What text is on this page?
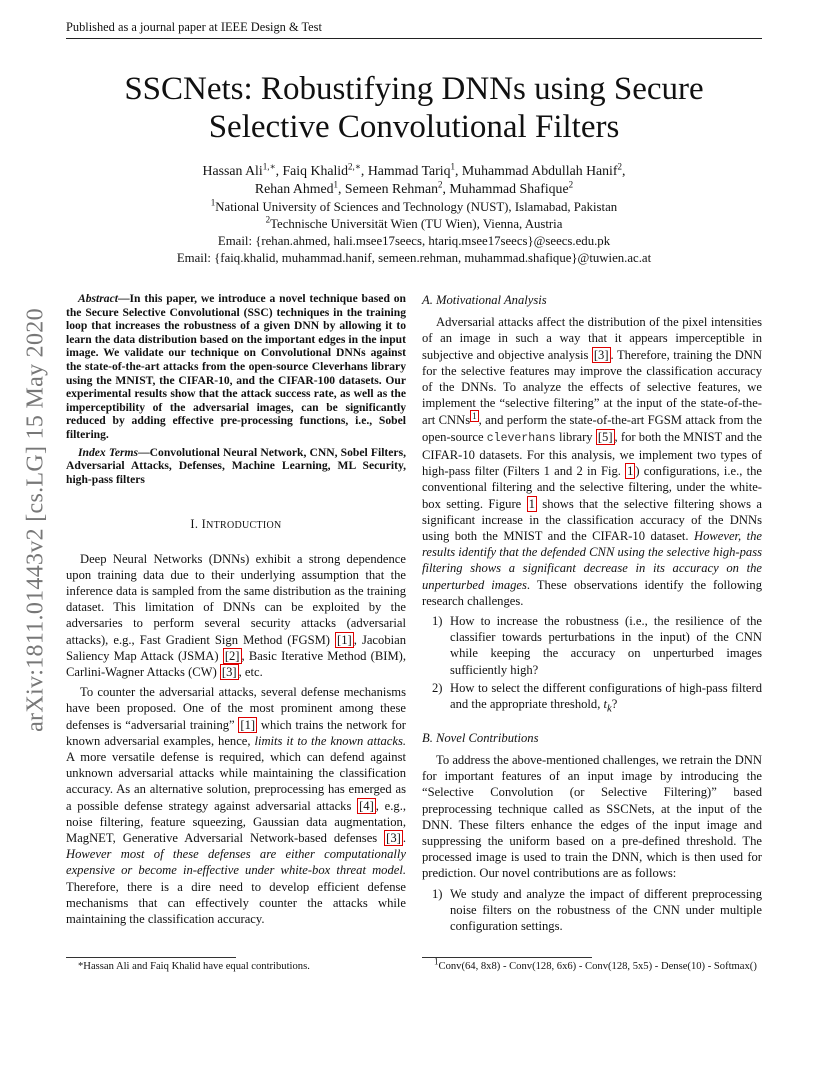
Published as a journal paper at IEEE Design & Test
SSCNets: Robustifying DNNs using Secure
Selective Convolutional Filters
Hassan Ali$^{1,∗}$, Faiq Khalid$^{2,∗}$, Hammad Tariq$^1$, Muhammad Abdullah Hanif$^2$,
Rehan Ahmed$^1$, Semeen Rehman$^2$, Muhammad Shafique$^2$
$^1$National University of Sciences and Technology (NUST), Islamabad, Pakistan
$^2$Technische Universität Wien (TU Wien), Vienna, Austria
Email: {rehan.ahmed, hali.msee17seecs, htariq.msee17seecs}@seecs.edu.pk
Email: {faiq.khalid, muhammad.hanif, semeen.rehman, muhammad.shafique}@tuwien.ac.at
arXiv:1811.01443v2 [cs.LG] 15 May 2020
Abstract—In this paper, we introduce a novel technique based on the Secure Selective Convolutional (SSC) techniques in the training loop that increases the robustness of a given DNN by allowing it to learn the data distribution based on the important edges in the input image. We validate our technique on Convolutional DNNs against the state-of-the-art attacks from the open-source Cleverhans library using the MNIST, the CIFAR-10, and the CIFAR-100 datasets. Our experimental results show that the attack success rate, as well as the imperceptibility of the adversarial images, can be significantly reduced by adding effective pre-processing functions, i.e., Sobel filtering.
Index Terms—Convolutional Neural Network, CNN, Sobel Filters, Adversarial Attacks, Defenses, Machine Learning, ML Security, high-pass filters
I. INTRODUCTION

Deep Neural Networks (DNNs) exhibit a strong dependence upon training data due to their underlying assumption that the inference data is sampled from the same distribution as the training dataset. This limitation of DNNs can be exploited by the adversaries to perform several security attacks (adversarial attacks), e.g., Fast Gradient Sign Method (FGSM) [1] , Jacobian Saliency Map Attack (JSMA) [2] , Basic Iterative Method (BIM), Carlini-Wagner Attacks (CW) [3] , etc.

To counter the adversarial attacks, several defense mechanisms have been proposed. One of the most prominent among these defenses is “adversarial training” [1] which trains the network for known adversarial examples, hence, limits it to the known attacks. A more versatile defense is required, which can defend against unknown adversarial attacks while maintaining the classification accuracy. As an alternative solution, preprocessing has emerged as a possible defense strategy against adversarial attacks [4] , e.g., noise filtering, feature squeezing, Gaussian data augmentation, MagNET, Generative Adversarial Network-based defenses [3] . However most of these defenses are either computationally expensive or become in-effective under white-box threat model. Therefore, there is a dire need to develop efficient defense mechanisms that can effectively counter the attacks while maintaining the classification accuracy.

A. Motivational Analysis

Adversarial attacks affect the distribution of the pixel intensities of an image in such a way that it appears imperceptible in subjective and objective analysis [3] . Therefore, training the DNN for the selective features may improve the classification accuracy of the DNNs. To analyze the effects of selective features, we implement the “selective filtering” at the input of the state-of-the-art CNNs $^1$ , and perform the state-of-the-art FGSM attack from the open-source cleverhans library [5] , for both the MNIST and the CIFAR-10 datasets. For this analysis, we implement two types of high-pass filter (Filters 1 and 2 in Fig. 1 ) configurations, i.e., the conventional filtering and the selective filtering, under the white-box setting. Figure 1 shows that the selective filtering shows a significant increase in the classification accuracy of the DNNs using both the MNIST and the CIFAR-10 dataset. However, the results identify that the defended CNN using the selective high-pass filtering shows a significant decrease in its accuracy on the unperturbed images. These observations identify the following research challenges.

1) How to increase the robustness (i.e., the resilience of the classifier towards perturbations in the input) of the CNN while keeping the accuracy on unperturbed images sufficiently high?
2) How to select the different configurations of high-pass filterd and the appropriate threshold, $t_k$?
B. Novel Contributions

To address the above-mentioned challenges, we retrain the DNN for important features of an input image by introducing the “Selective Convolution (or Selective Filtering)” based preprocessing technique called as SSCNets, at the input of the DNN. These filters enhance the edges of the input image and suppressing the uniform based on a pre-defined threshold. The processed image is used to train the DNN, which is then used for prediction. Our novel contributions are as follows:

1) We study and analyze the impact of different preprocessing noise filters on the robustness of the CNN under multiple configuration settings.
*Hassan Ali and Faiq Khalid have equal contributions.	$^1$Conv(64, 8x8) - Conv(128, 6x6) - Conv(128, 5x5) - Dense(10) - Softmax()
